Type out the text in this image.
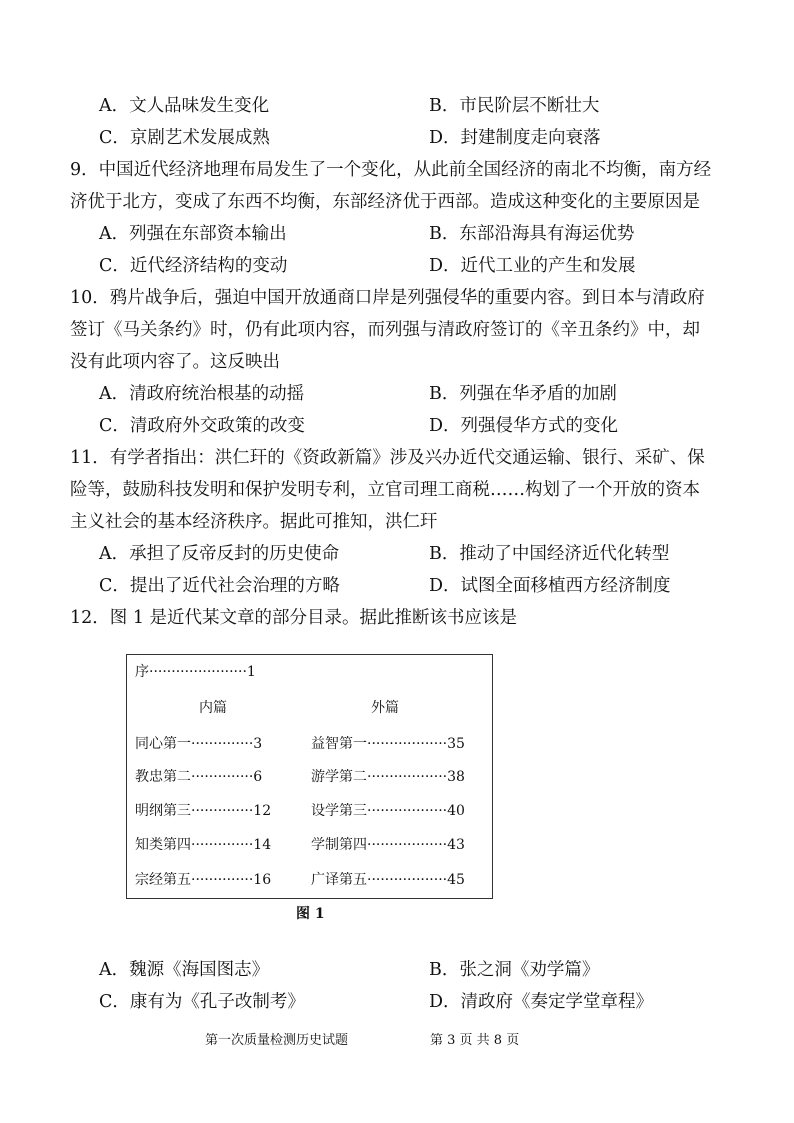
A．文人品味发生变化	B．市民阶层不断壮大
C．京剧艺术发展成熟	D．封建制度走向衰落
9．中国近代经济地理布局发生了一个变化，从此前全国经济的南北不均衡，南方经
济优于北方，变成了东西不均衡，东部经济优于西部。造成这种变化的主要原因是
A．列强在东部资本输出	B．东部沿海具有海运优势
C．近代经济结构的变动	D．近代工业的产生和发展
10．鸦片战争后，强迫中国开放通商口岸是列强侵华的重要内容。到日本与清政府
签订《马关条约》时，仍有此项内容，而列强与清政府签订的《辛丑条约》中，却
没有此项内容了。这反映出
A．清政府统治根基的动摇	B．列强在华矛盾的加剧
C．清政府外交政策的改变	D．列强侵华方式的变化
11．有学者指出：洪仁玕的《资政新篇》涉及兴办近代交通运输、银行、采矿、保
险等，鼓励科技发明和保护发明专利，立官司理工商税……构划了一个开放的资本
主义社会的基本经济秩序。据此可推知，洪仁玕
A．承担了反帝反封的历史使命	B．推动了中国经济近代化转型
C．提出了近代社会治理的方略	D．试图全面移植西方经济制度
12．图 1 是近代某文章的部分目录。据此推断该书应该是
序······················1
内篇	外篇
同心第一··············3
教忠第二··············6
明纲第三··············12
知类第四··············14
宗经第五··············16
益智第一··················35
游学第二··················38
设学第三··················40
学制第四··················43
广译第五··················45
图 1
A．魏源《海国图志》	B．张之洞《劝学篇》
C．康有为《孔子改制考》	D．清政府《奏定学堂章程》
第一次质量检测历史试题	第 3 页 共 8 页
